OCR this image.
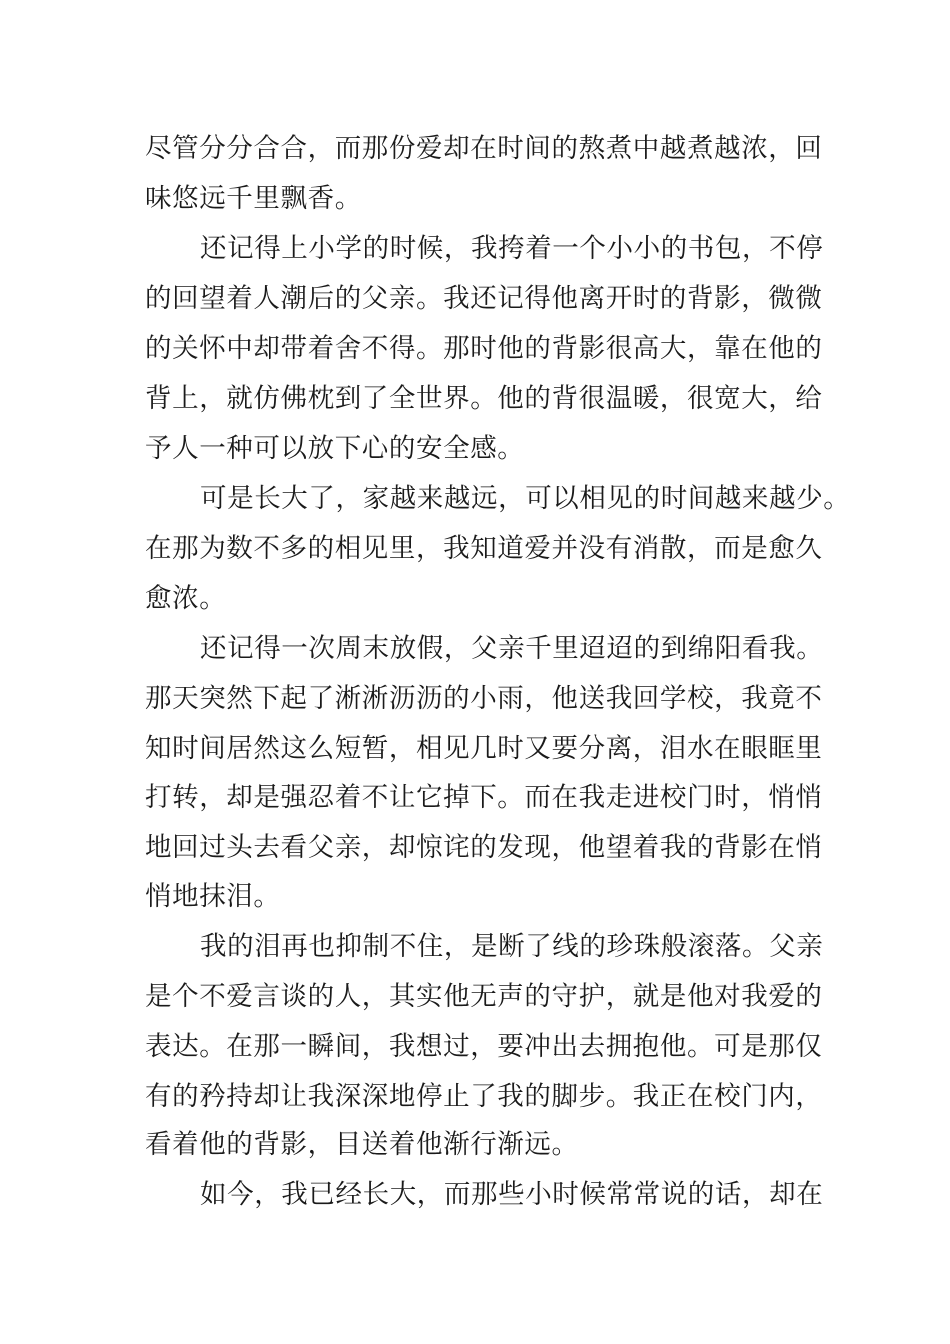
尽管分分合合，而那份爱却在时间的熬煮中越煮越浓，回
味悠远千里飘香。
还记得上小学的时候，我挎着一个小小的书包，不停
的回望着人潮后的父亲。我还记得他离开时的背影，微微
的关怀中却带着舍不得。那时他的背影很高大，靠在他的
背上，就仿佛枕到了全世界。他的背很温暖，很宽大，给
予人一种可以放下心的安全感。
可是长大了，家越来越远，可以相见的时间越来越少。
在那为数不多的相见里，我知道爱并没有消散，而是愈久
愈浓。
还记得一次周末放假，父亲千里迢迢的到绵阳看我。
那天突然下起了淅淅沥沥的小雨，他送我回学校，我竟不
知时间居然这么短暂，相见几时又要分离，泪水在眼眶里
打转，却是强忍着不让它掉下。而在我走进校门时，悄悄
地回过头去看父亲，却惊诧的发现，他望着我的背影在悄
悄地抹泪。
我的泪再也抑制不住，是断了线的珍珠般滚落。父亲
是个不爱言谈的人，其实他无声的守护，就是他对我爱的
表达。在那一瞬间，我想过，要冲出去拥抱他。可是那仅
有的矜持却让我深深地停止了我的脚步。我正在校门内，
看着他的背影，目送着他渐行渐远。
如今，我已经长大，而那些小时候常常说的话，却在
